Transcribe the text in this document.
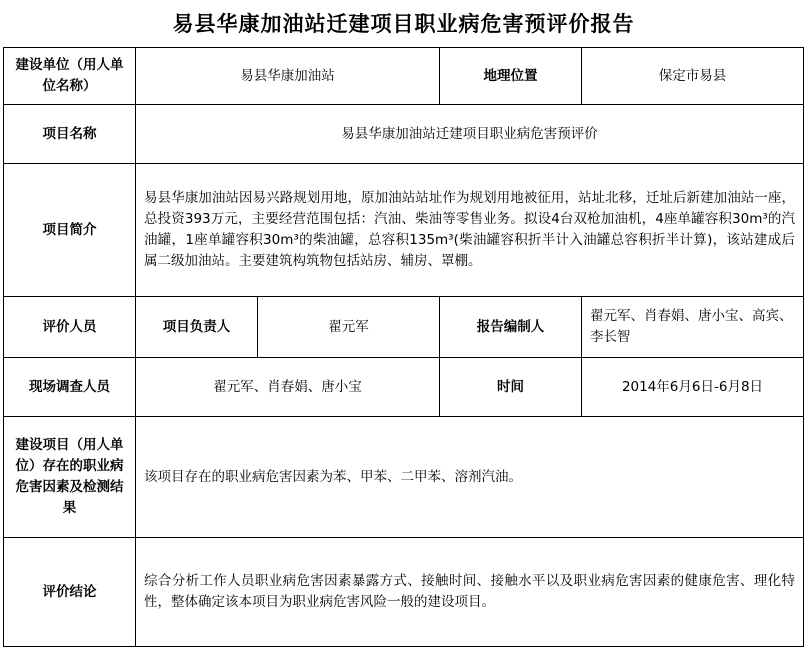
易县华康加油站迁建项目职业病危害预评价报告
建设单位（用人单位名称）	易县华康加油站		地理位置	保定市易县
项目名称	易县华康加油站迁建项目职业病危害预评价			
项目简介	易县华康加油站因易兴路规划用地，原加油站站址作为规划用地被征用，站址北移，迁址后新建加油站一座，总投资393万元，主要经营范围包括：汽油、柴油等零售业务。拟设4台双枪加油机，4座单罐容积30m³的汽油罐，1座单罐容积30m³的柴油罐，总容积135m³(柴油罐容积折半计入油罐总容积折半计算)，该站建成后属二级加油站。主要建筑构筑物包括站房、辅房、罩棚。			
评价人员	项目负责人	翟元军	报告编制人	翟元军、肖春娟、唐小宝、高宾、李长智
现场调查人员	翟元军、肖春娟、唐小宝		时间	2014年6月6日-6月8日
建设项目（用人单位）存在的职业病危害因素及检测结果	该项目存在的职业病危害因素为苯、甲苯、二甲苯、溶剂汽油。			
评价结论	综合分析工作人员职业病危害因素暴露方式、接触时间、接触水平以及职业病危害因素的健康危害、理化特性，整体确定该本项目为职业病危害风险一般的建设项目。			
